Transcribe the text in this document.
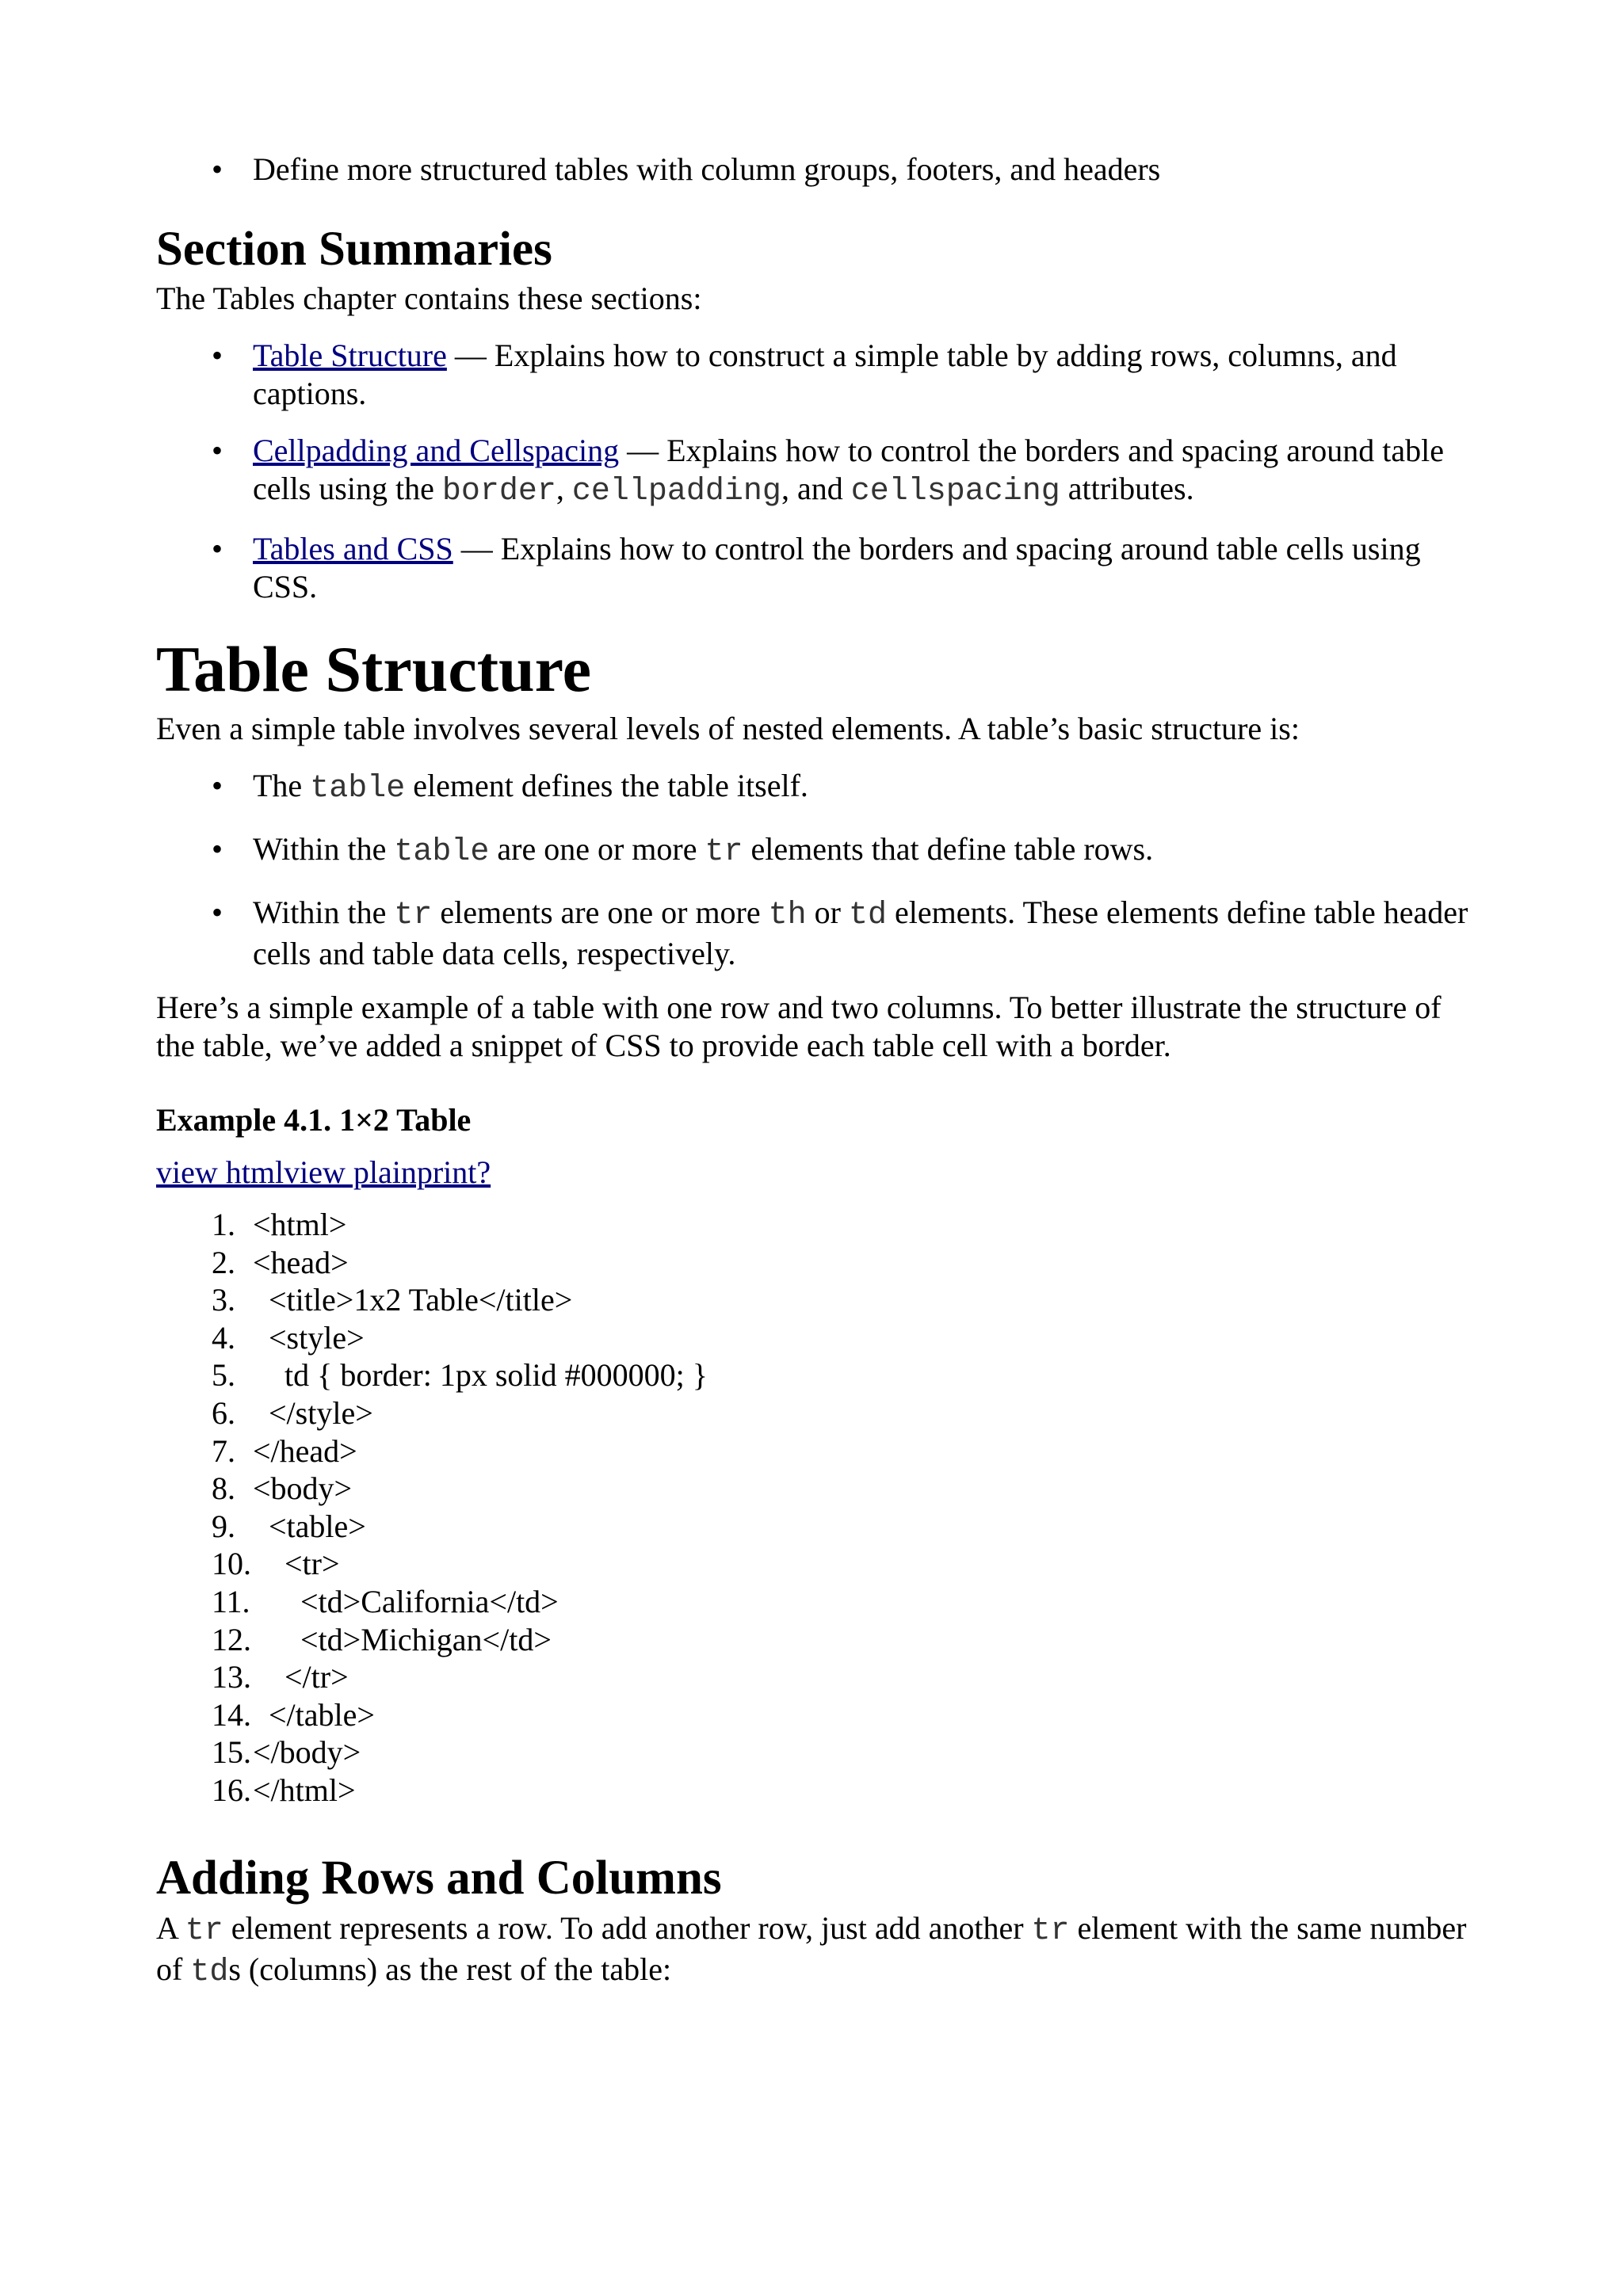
• Define more structured tables with column groups, footers, and headers
Section Summaries

The Tables chapter contains these sections:

• Table Structure — Explains how to construct a simple table by adding rows, columns, and captions.
• Cellpadding and Cellspacing — Explains how to control the borders and spacing around table cells using the border, cellpadding, and cellspacing attributes.
• Tables and CSS — Explains how to control the borders and spacing around table cells using CSS.
Table Structure

Even a simple table involves several levels of nested elements. A table’s basic structure is:

• The table element defines the table itself.
• Within the table are one or more tr elements that define table rows.
• Within the tr elements are one or more th or td elements. These elements define table header cells and table data cells, respectively.

Here’s a simple example of a table with one row and two columns. To better illustrate the structure of the table, we’ve added a snippet of CSS to provide each table cell with a border.

Example 4.1. 1×2 Table

view htmlview plainprint?

1. <html>
2. <head>
3. <title>1x2 Table</title>
4. <style>
5. td { border: 1px solid #000000; }
6. </style>
7. </head>
8. <body>
9. <table>
10. <tr>
11. <td>California</td>
12. <td>Michigan</td>
13. </tr>
14. </table>
15. </body>
16. </html>
Adding Rows and Columns

A tr element represents a row. To add another row, just add another tr element with the same number of tds (columns) as the rest of the table:
